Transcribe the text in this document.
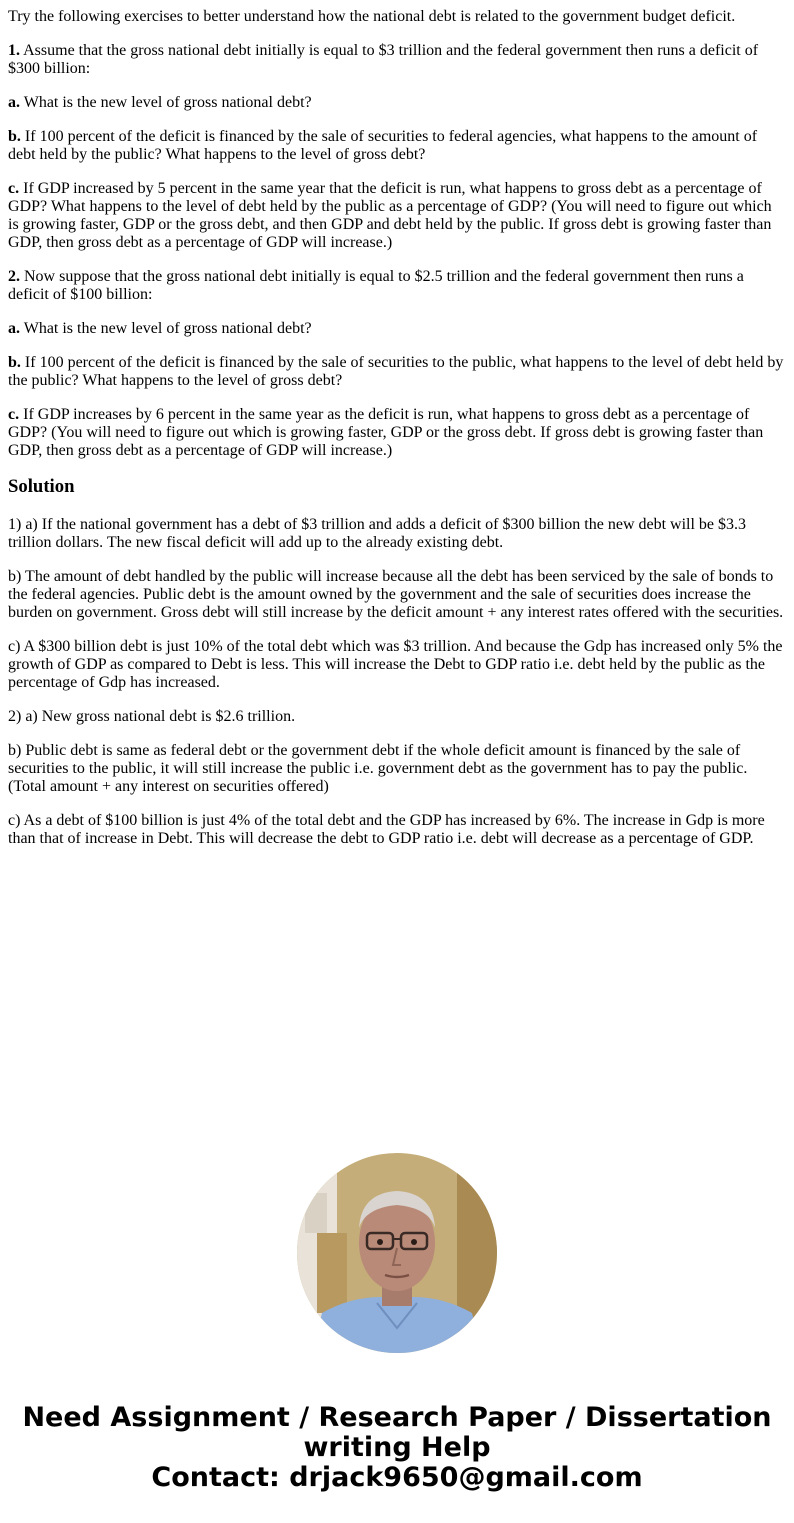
Try the following exercises to better understand how the national debt is related to the government budget deficit.

1. Assume that the gross national debt initially is equal to $3 trillion and the federal government then runs a deficit of $300 billion:

a. What is the new level of gross national debt?

b. If 100 percent of the deficit is financed by the sale of securities to federal agencies, what happens to the amount of debt held by the public? What happens to the level of gross debt?

c. If GDP increased by 5 percent in the same year that the deficit is run, what happens to gross debt as a percentage of GDP? What happens to the level of debt held by the public as a percentage of GDP? (You will need to figure out which is growing faster, GDP or the gross debt, and then GDP and debt held by the public. If gross debt is growing faster than GDP, then gross debt as a percentage of GDP will increase.)

2. Now suppose that the gross national debt initially is equal to $2.5 trillion and the federal government then runs a deficit of $100 billion:

a. What is the new level of gross national debt?

b. If 100 percent of the deficit is financed by the sale of securities to the public, what happens to the level of debt held by the public? What happens to the level of gross debt?

c. If GDP increases by 6 percent in the same year as the deficit is run, what happens to gross debt as a percentage of GDP? (You will need to figure out which is growing faster, GDP or the gross debt. If gross debt is growing faster than GDP, then gross debt as a percentage of GDP will increase.)

Solution

1) a) If the national government has a debt of $3 trillion and adds a deficit of $300 billion the new debt will be $3.3 trillion dollars. The new fiscal deficit will add up to the already existing debt.

b) The amount of debt handled by the public will increase because all the debt has been serviced by the sale of bonds to the federal agencies. Public debt is the amount owned by the government and the sale of securities does increase the burden on government. Gross debt will still increase by the deficit amount + any interest rates offered with the securities.

c) A $300 billion debt is just 10% of the total debt which was $3 trillion. And because the Gdp has increased only 5% the growth of GDP as compared to Debt is less. This will increase the Debt to GDP ratio i.e. debt held by the public as the percentage of Gdp has increased.

2) a) New gross national debt is $2.6 trillion.

b) Public debt is same as federal debt or the government debt if the whole deficit amount is financed by the sale of securities to the public, it will still increase the public i.e. government debt as the government has to pay the public. (Total amount + any interest on securities offered)

c) As a debt of $100 billion is just 4% of the total debt and the GDP has increased by 6%. The increase in Gdp is more than that of increase in Debt. This will decrease the debt to GDP ratio i.e. debt will decrease as a percentage of GDP.

Need Assignment / Research Paper / Dissertation
writing Help
Contact: drjack9650@gmail.com
